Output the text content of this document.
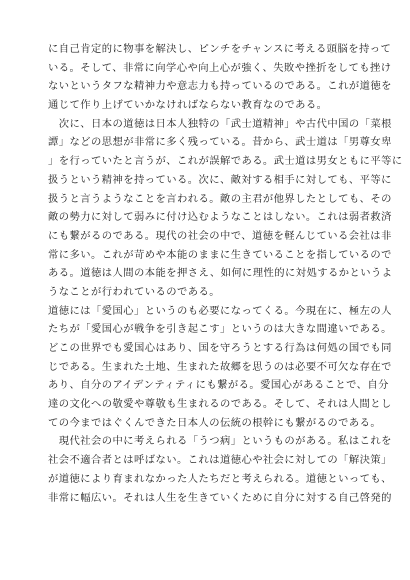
に自己肯定的に物事を解決し、ピンチをチャンスに考える頭脳を持って
いる。そして、非常に向学心や向上心が強く、失敗や挫折をしても挫け
ないというタフな精神力や意志力も持っているのである。これが道徳を
通じて作り上げていかなければならない教育なのである。
　次に、日本の道徳は日本人独特の「武士道精神」や古代中国の「菜根
譚」などの思想が非常に多く残っている。昔から、武士道は「男尊女卑
」を行っていたと言うが、これが誤解である。武士道は男女ともに平等に
扱うという精神を持っている。次に、敵対する相手に対しても、平等に
扱うと言うようなことを言われる。敵の主君が他界したとしても、その
敵の勢力に対して弱みに付け込むようなことはしない。これは弱者救済
にも繋がるのである。現代の社会の中で、道徳を軽んじている会社は非
常に多い。これが苛めや本能のままに生きていることを指しているので
ある。道徳は人間の本能を押さえ、如何に理性的に対処するかというよ
うなことが行われているのである。
道徳には「愛国心」というのも必要になってくる。今現在に、極左の人
たちが「愛国心が戦争を引き起こす」というのは大きな間違いである。
どこの世界でも愛国心はあり、国を守ろうとする行為は何処の国でも同
じである。生まれた土地、生まれた故郷を思うのは必要不可欠な存在で
あり、自分のアイデンティティにも繋がる。愛国心があることで、自分
達の文化への敬愛や尊敬も生まれるのである。そして、それは人間とし
ての今まではぐくんできた日本人の伝統の根幹にも繋がるのである。
　現代社会の中に考えられる「うつ病」というものがある。私はこれを
社会不適合者とは呼ばない。これは道徳心や社会に対しての「解決策」
が道徳により育まれなかった人たちだと考えられる。道徳といっても、
非常に幅広い。それは人生を生きていくために自分に対する自己啓発的
